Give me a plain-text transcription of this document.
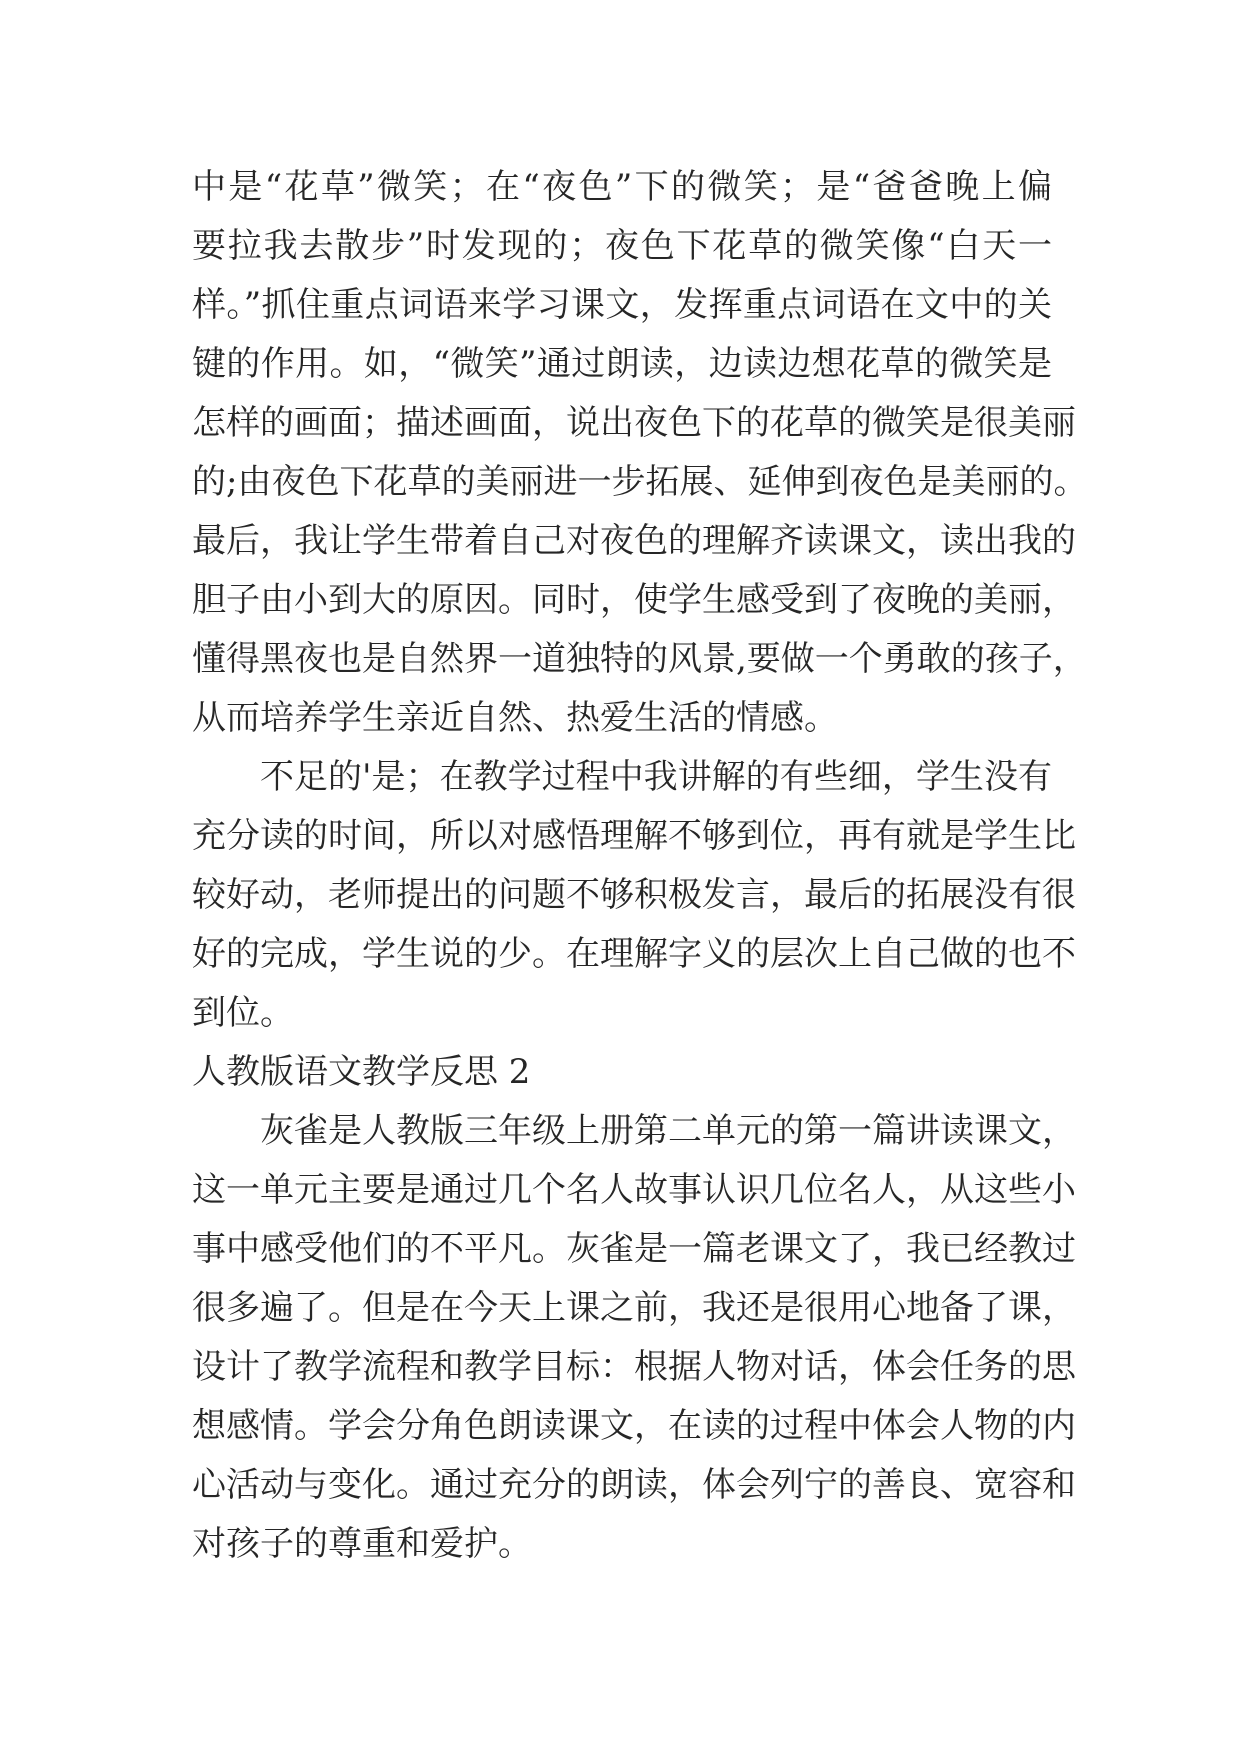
中是“花草”微笑；在“夜色”下的微笑；是“爸爸晚上偏
要拉我去散步”时发现的；夜色下花草的微笑像“白天一
样。”抓住重点词语来学习课文，发挥重点词语在文中的关
键的作用。如，“微笑”通过朗读，边读边想花草的微笑是
怎样的画面；描述画面，说出夜色下的花草的微笑是很美丽
的;由夜色下花草的美丽进一步拓展、延伸到夜色是美丽的。
最后，我让学生带着自己对夜色的理解齐读课文，读出我的
胆子由小到大的原因。同时，使学生感受到了夜晚的美丽，
懂得黑夜也是自然界一道独特的风景,要做一个勇敢的孩子，
从而培养学生亲近自然、热爱生活的情感。
不足的'是；在教学过程中我讲解的有些细，学生没有
充分读的时间，所以对感悟理解不够到位，再有就是学生比
较好动，老师提出的问题不够积极发言，最后的拓展没有很
好的完成，学生说的少。在理解字义的层次上自己做的也不
到位。
人教版语文教学反思 2
灰雀是人教版三年级上册第二单元的第一篇讲读课文，
这一单元主要是通过几个名人故事认识几位名人，从这些小
事中感受他们的不平凡。灰雀是一篇老课文了，我已经教过
很多遍了。但是在今天上课之前，我还是很用心地备了课，
设计了教学流程和教学目标：根据人物对话，体会任务的思
想感情。学会分角色朗读课文，在读的过程中体会人物的内
心活动与变化。通过充分的朗读，体会列宁的善良、宽容和
对孩子的尊重和爱护。
